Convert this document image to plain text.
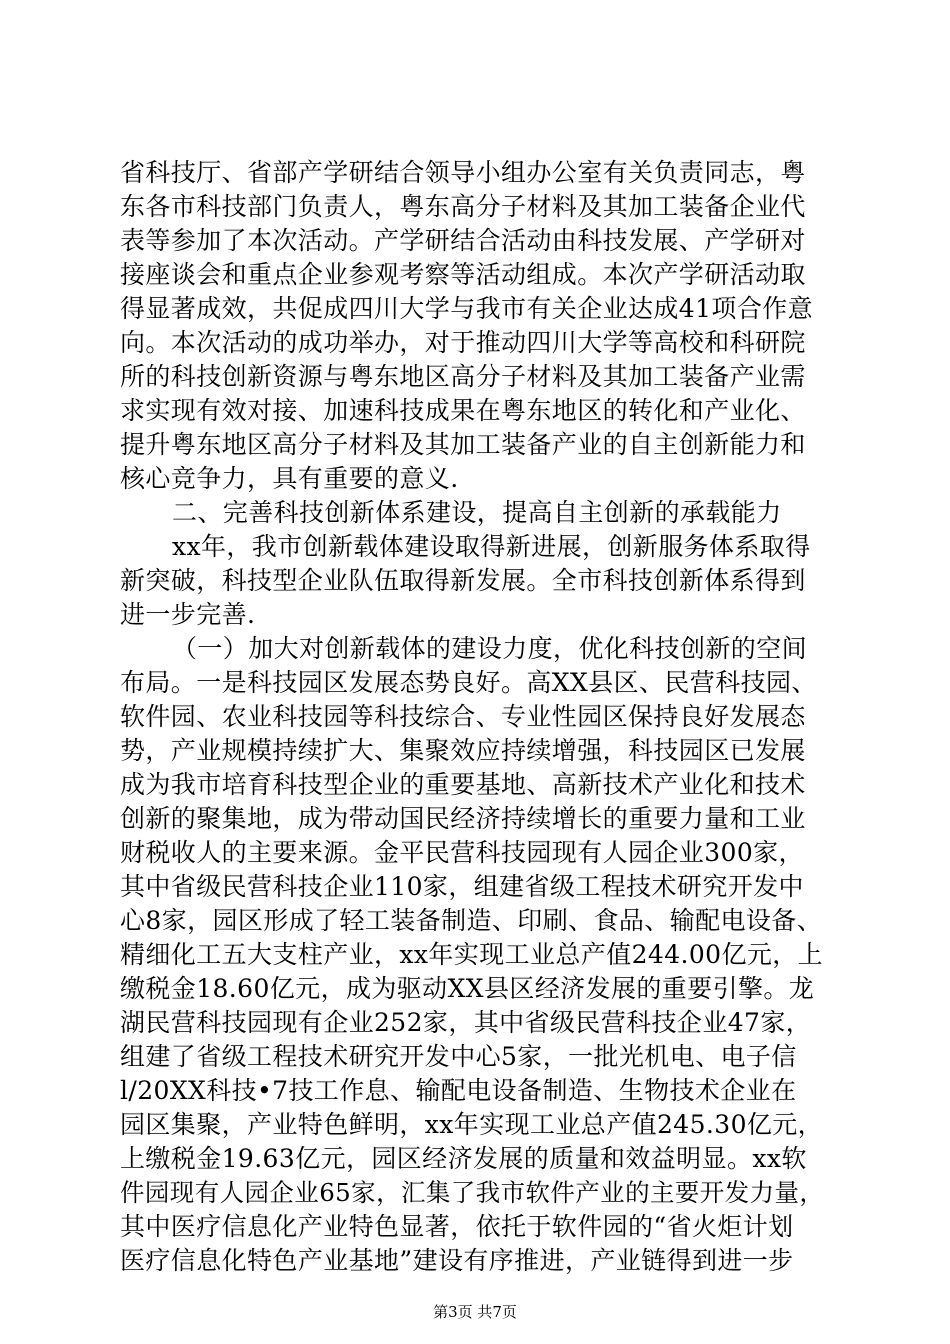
省科技厅、省部产学研结合领导小组办公室有关负责同志，粤
东各市科技部门负责人，粤东高分子材料及其加工装备企业代
表等参加了本次活动。产学研结合活动由科技发展、产学研对
接座谈会和重点企业参观考察等活动组成。本次产学研活动取
得显著成效，共促成四川大学与我市有关企业达成41项合作意
向。本次活动的成功举办，对于推动四川大学等高校和科研院
所的科技创新资源与粤东地区高分子材料及其加工装备产业需
求实现有效对接、加速科技成果在粤东地区的转化和产业化、
提升粤东地区高分子材料及其加工装备产业的自主创新能力和
核心竞争力，具有重要的意义.
二、完善科技创新体系建设，提高自主创新的承载能力
xx年，我市创新载体建设取得新进展，创新服务体系取得
新突破，科技型企业队伍取得新发展。全市科技创新体系得到
进一步完善.
（一）加大对创新载体的建设力度，优化科技创新的空间
布局。一是科技园区发展态势良好。高XX县区、民营科技园、
软件园、农业科技园等科技综合、专业性园区保持良好发展态
势，产业规模持续扩大、集聚效应持续增强，科技园区已发展
成为我市培育科技型企业的重要基地、高新技术产业化和技术
创新的聚集地，成为带动国民经济持续增长的重要力量和工业
财税收人的主要来源。金平民营科技园现有人园企业300家，
其中省级民营科技企业110家，组建省级工程技术研究开发中
心8家，园区形成了轻工装备制造、印刷、食品、输配电设备、
精细化工五大支柱产业，xx年实现工业总产值244.00亿元，上
缴税金18.60亿元，成为驱动XX县区经济发展的重要引擎。龙
湖民营科技园现有企业252家，其中省级民营科技企业47家，
组建了省级工程技术研究开发中心5家，一批光机电、电子信
l/20XX科技•7技工作息、输配电设备制造、生物技术企业在
园区集聚，产业特色鲜明，xx年实现工业总产值245.30亿元，
上缴税金19.63亿元，园区经济发展的质量和效益明显。xx软
件园现有人园企业65家，汇集了我市软件产业的主要开发力量，
其中医疗信息化产业特色显著，依托于软件园的“省火炬计划
医疗信息化特色产业基地”建设有序推进，产业链得到进一步
第3页 共7页
